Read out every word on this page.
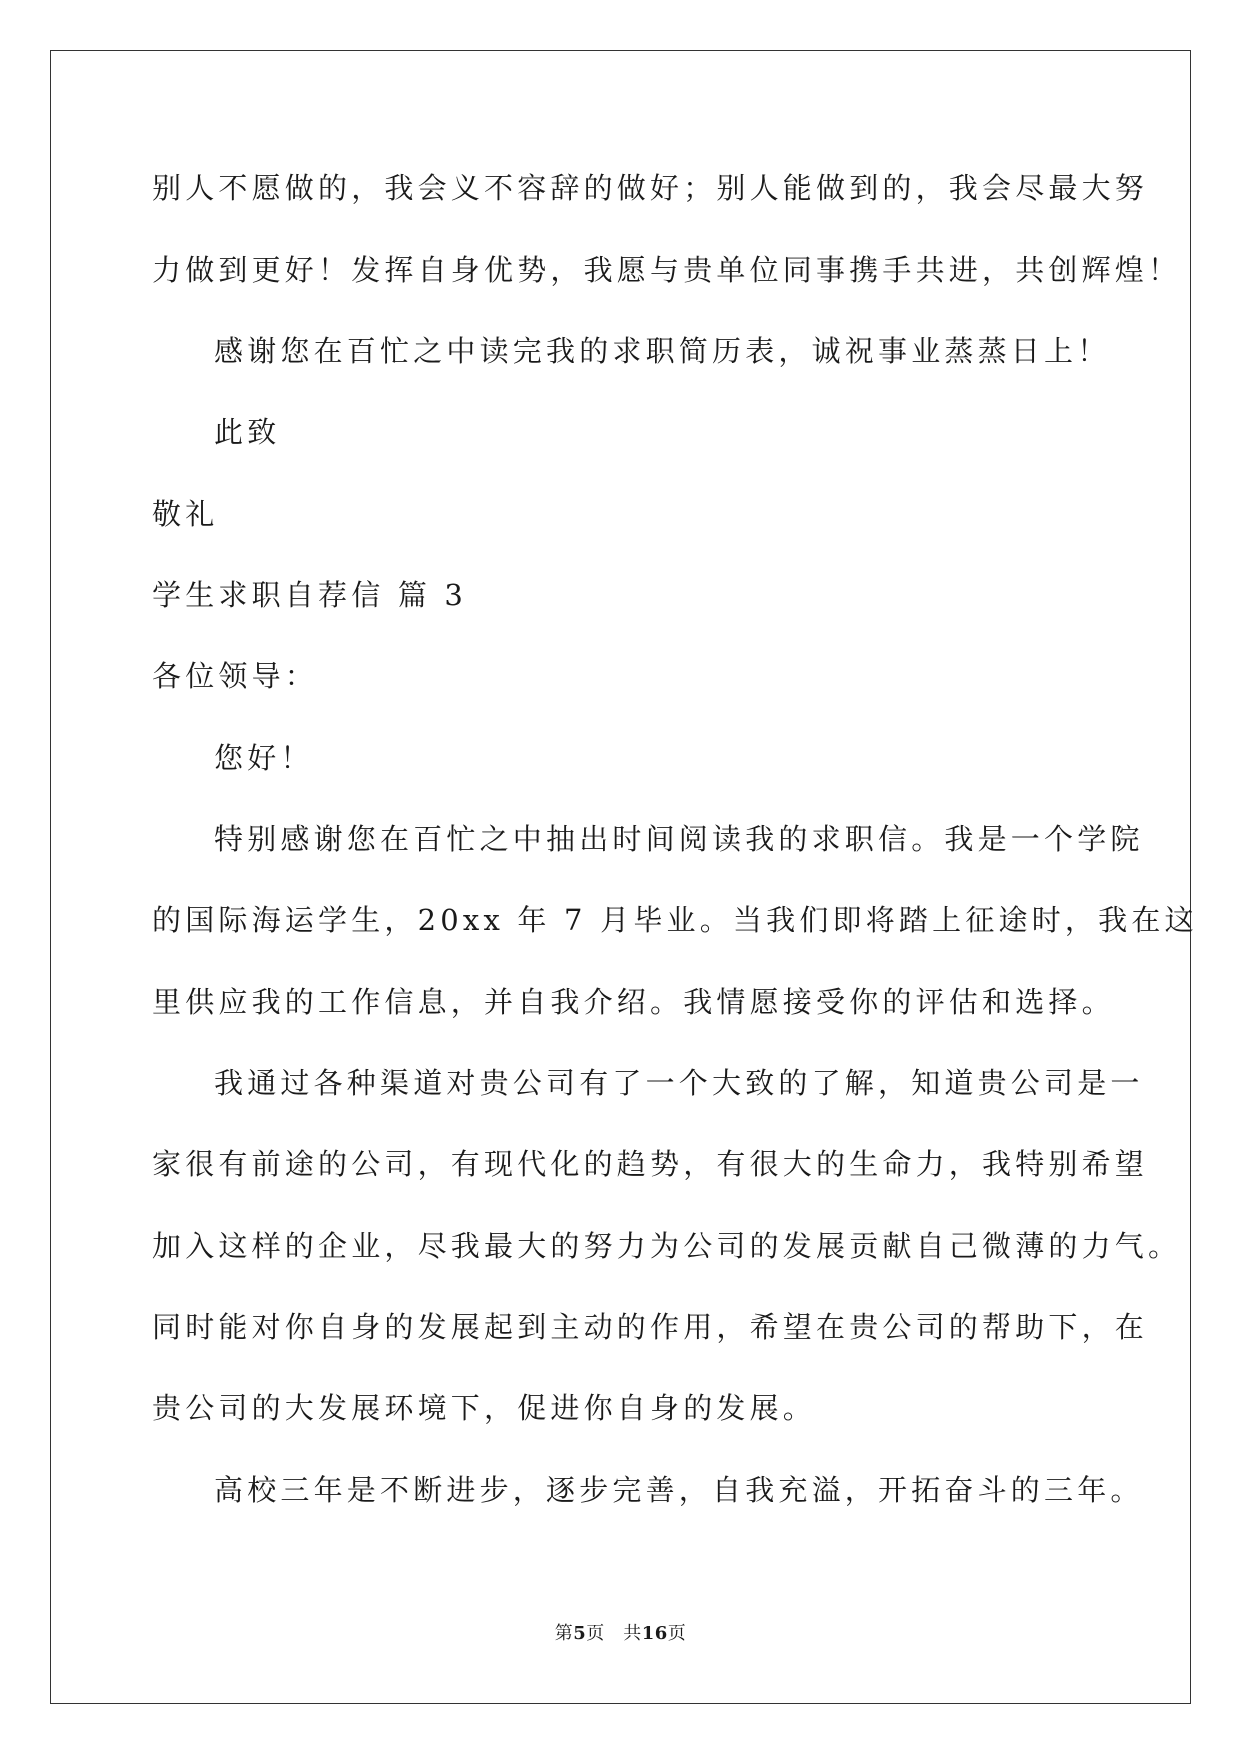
别人不愿做的，我会义不容辞的做好；别人能做到的，我会尽最大努

力做到更好！发挥自身优势，我愿与贵单位同事携手共进，共创辉煌！

感谢您在百忙之中读完我的求职简历表，诚祝事业蒸蒸日上！

此致

敬礼

学生求职自荐信 篇 3

各位领导：

您好！

特别感谢您在百忙之中抽出时间阅读我的求职信。我是一个学院

的国际海运学生，20xx 年 7 月毕业。当我们即将踏上征途时，我在这

里供应我的工作信息，并自我介绍。我情愿接受你的评估和选择。

我通过各种渠道对贵公司有了一个大致的了解，知道贵公司是一

家很有前途的公司，有现代化的趋势，有很大的生命力，我特别希望

加入这样的企业，尽我最大的努力为公司的发展贡献自己微薄的力气。

同时能对你自身的发展起到主动的作用，希望在贵公司的帮助下，在

贵公司的大发展环境下，促进你自身的发展。

高校三年是不断进步，逐步完善，自我充溢，开拓奋斗的三年。

第5页　共16页
